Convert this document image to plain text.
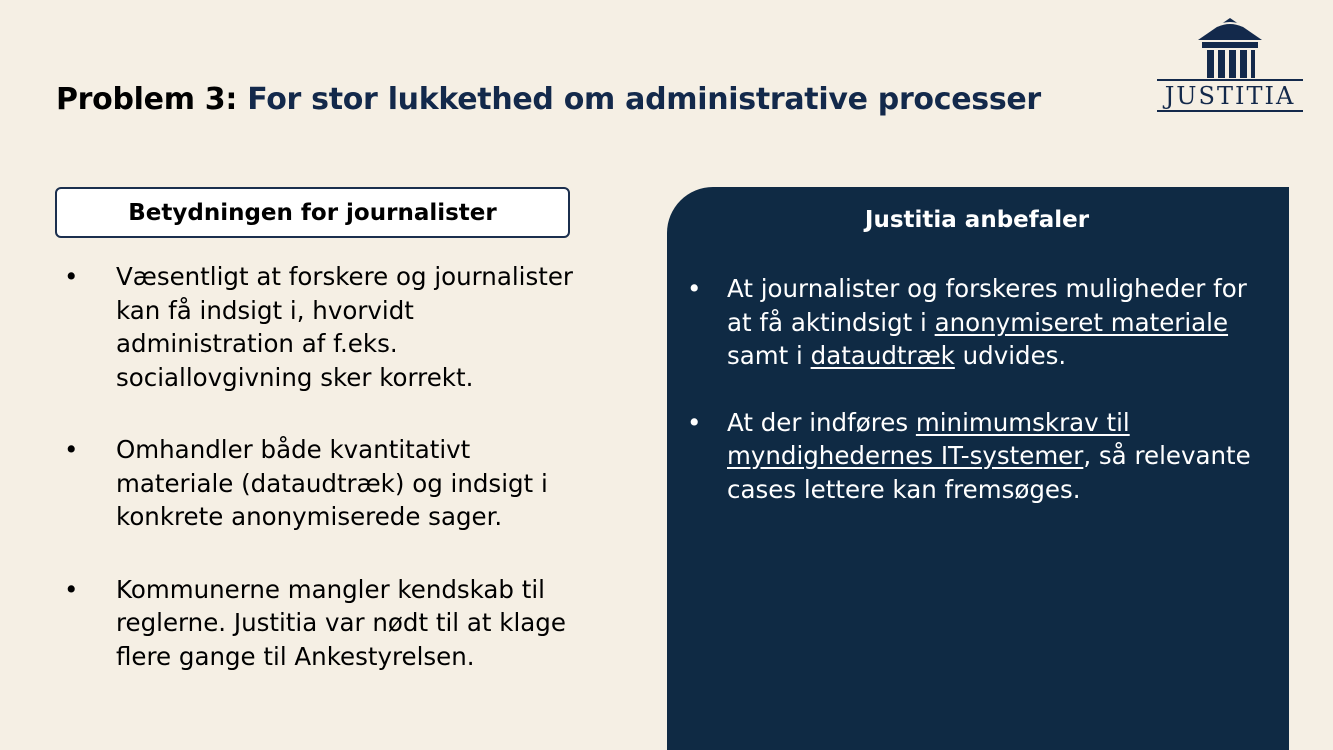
Problem 3: For stor lukkethed om administrative processer	JUSTITIA
Betydningen for journalister
• Væsentligt at forskere og journalister kan få indsigt i, hvorvidt administration af f.eks. sociallovgivning sker korrekt.
• Omhandler både kvantitativt materiale (dataudtræk) og indsigt i konkrete anonymiserede sager.
• Kommunerne mangler kendskab til reglerne. Justitia var nødt til at klage flere gange til Ankestyrelsen.
Justitia anbefaler
• At journalister og forskeres muligheder for at få aktindsigt i anonymiseret materiale samt i dataudtræk udvides.
• At der indføres minimumskrav til myndighedernes IT-systemer, så relevante cases lettere kan fremsøges.
